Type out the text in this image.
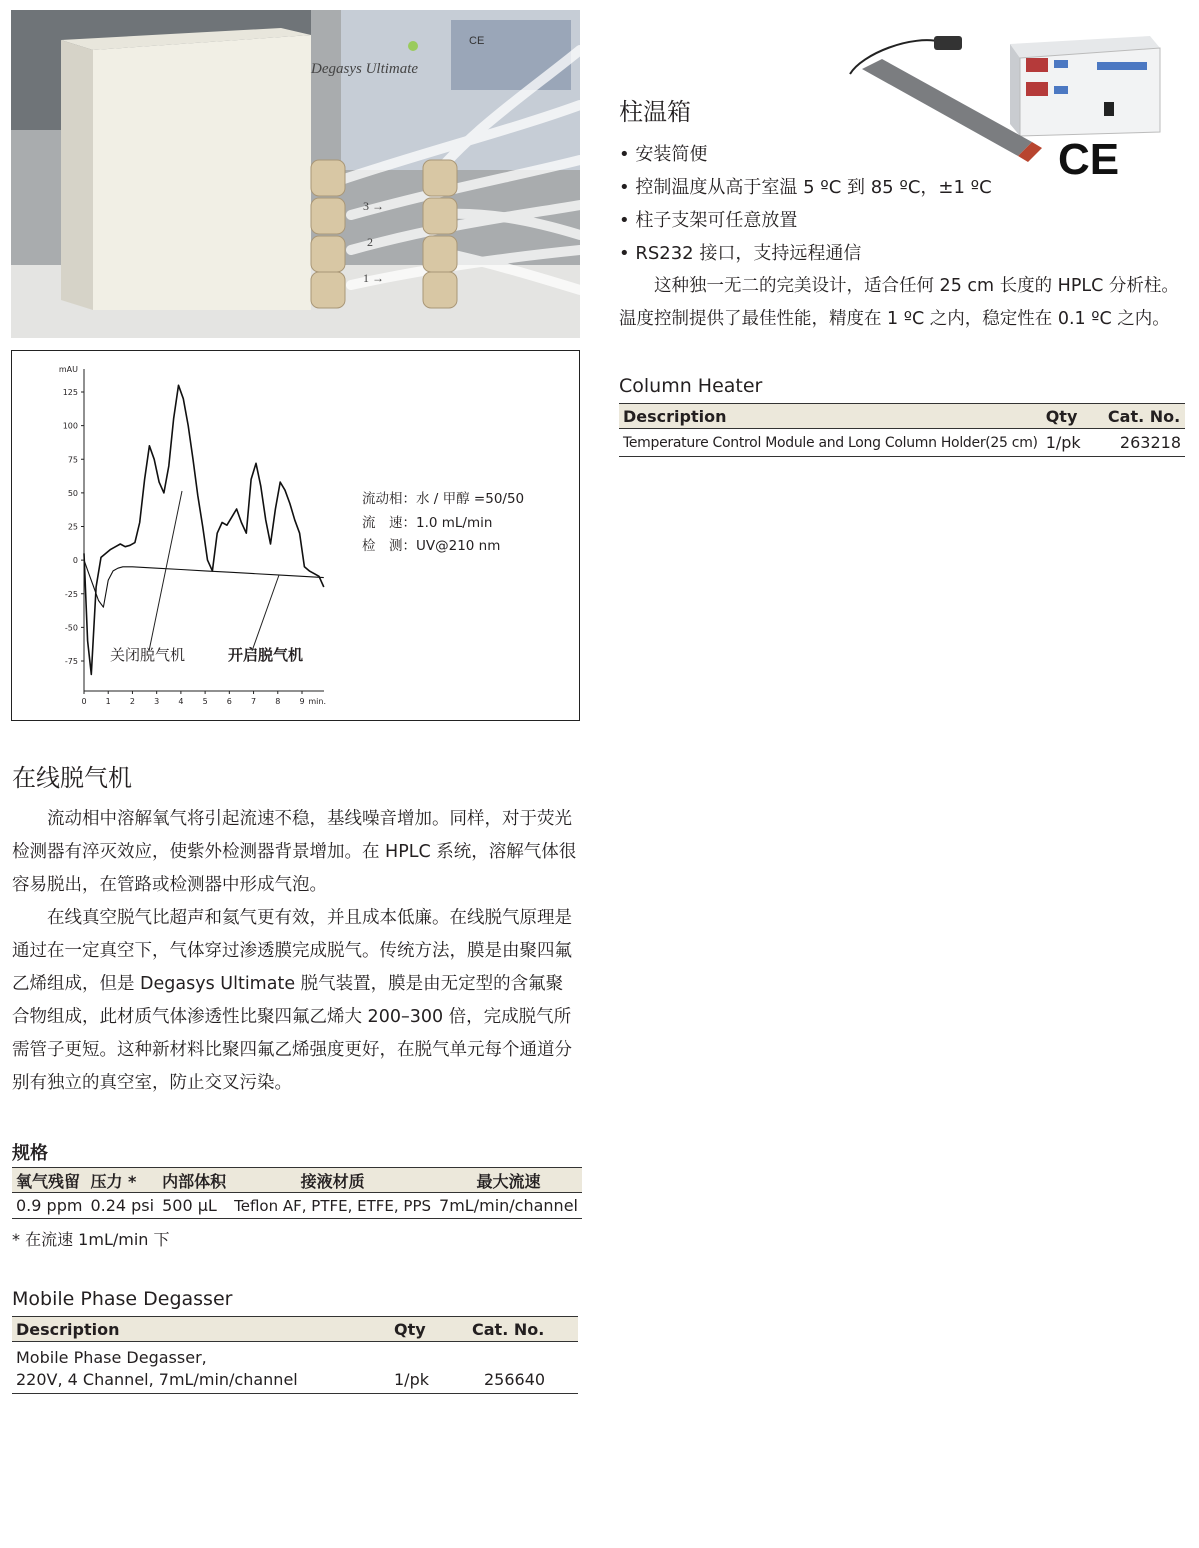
Degasys Ultimate
3 →
2
1 →
CE
mAU
125
100
75
50
25
0
-25
-50
-75
0 1 2 3 4 5 6 7 8 9 min.
关闭脱气机	开启脱气机
流动相：水 / 甲醇 =50/50
流　速：1.0 mL/min
检　测：UV@210 nm
在线脱气机

流动相中溶解氧气将引起流速不稳，基线噪音增加。同样，对于荧光检测器有淬灭效应，使紫外检测器背景增加。在 HPLC 系统，溶解气体很容易脱出，在管路或检测器中形成气泡。

在线真空脱气比超声和氦气更有效，并且成本低廉。在线脱气原理是通过在一定真空下，气体穿过渗透膜完成脱气。传统方法，膜是由聚四氟乙烯组成，但是 Degasys Ultimate 脱气装置，膜是由无定型的含氟聚合物组成，此材质气体渗透性比聚四氟乙烯大 200–300 倍，完成脱气所需管子更短。这种新材料比聚四氟乙烯强度更好，在脱气单元每个通道分别有独立的真空室，防止交叉污染。

规格
氧气残留	压力 *	内部体积	接液材质	最大流速
0.9 ppm	0.24 psi	500 μL	Teflon AF, PTFE, ETFE, PPS	7mL/min/channel
* 在流速 1mL/min 下
Mobile Phase Degasser
Description	Qty	Cat. No.
Mobile Phase Degasser,		
220V, 4 Channel, 7mL/min/channel	1/pk	256640
CE
柱温箱
• 安装简便
• 控制温度从高于室温 5 ºC 到 85 ºC，±1 ºC
• 柱子支架可任意放置
• RS232 接口，支持远程通信

这种独一无二的完美设计，适合任何 25 cm 长度的 HPLC 分析柱。温度控制提供了最佳性能，精度在 1 ºC 之内，稳定性在 0.1 ºC 之内。

Column Heater
Description	Qty	Cat. No.
Temperature Control Module and Long Column Holder(25 cm)	1/pk	263218
